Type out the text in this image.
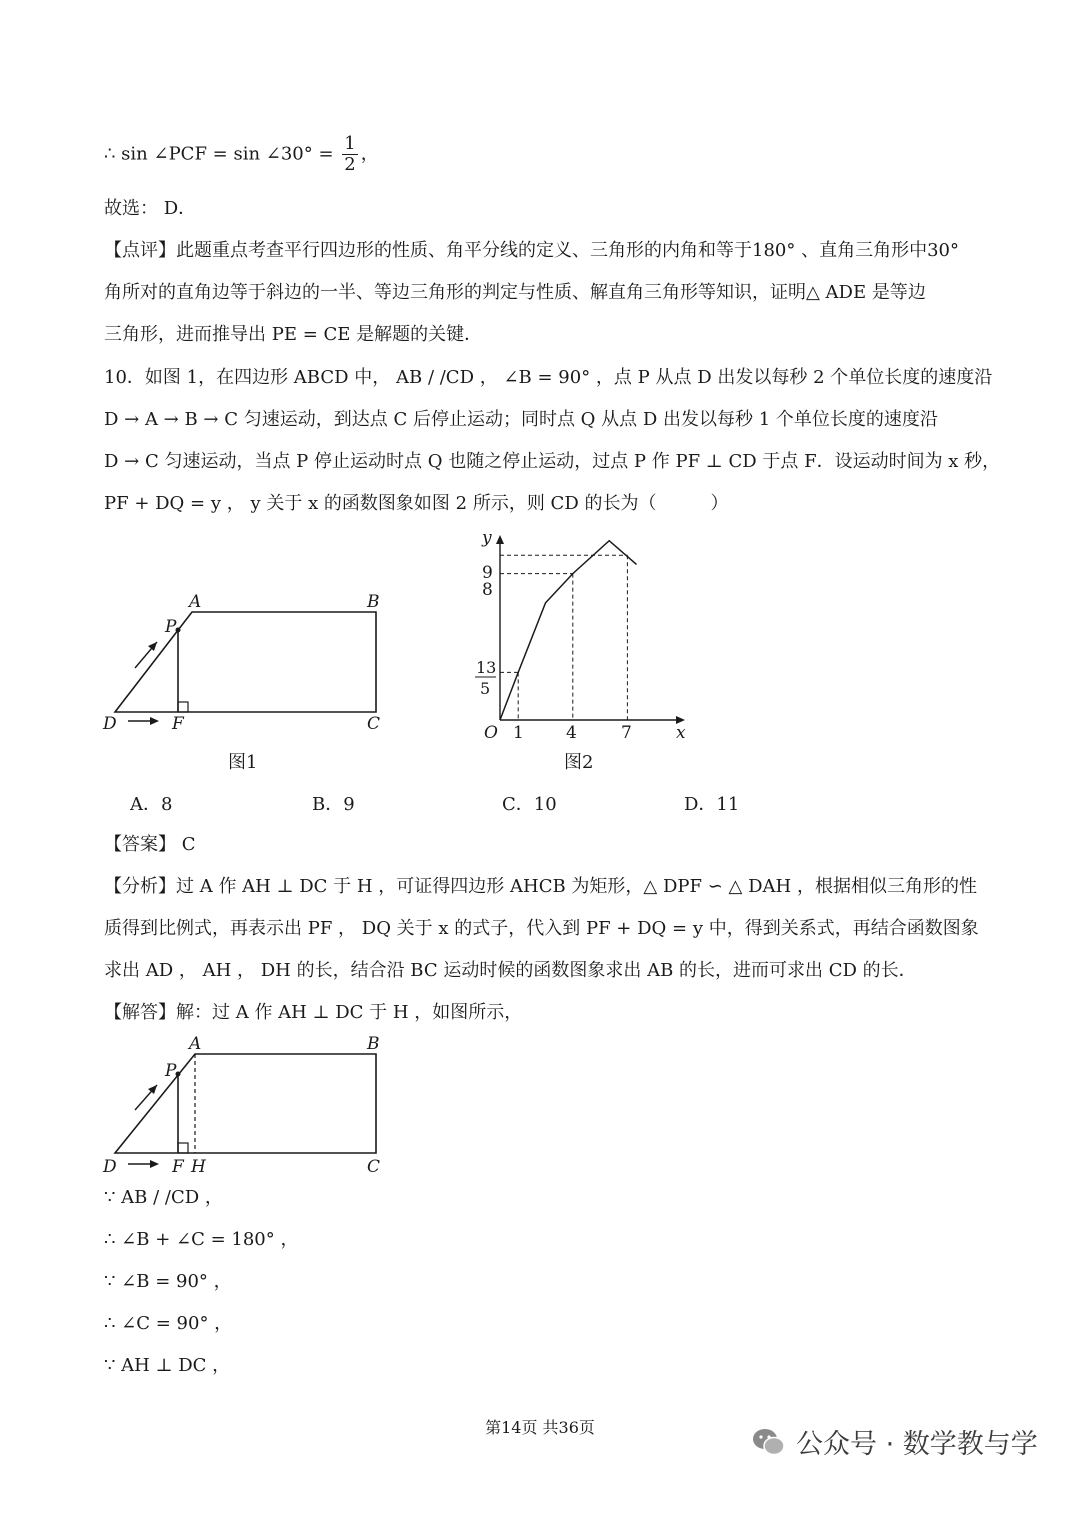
∴ sin ∠PCF = sin ∠30° = $\frac{1}{2}$ ，
故选： D．
【点评】此题重点考查平行四边形的性质、角平分线的定义、三角形的内角和等于180° 、直角三角形中30°
角所对的直角边等于斜边的一半、等边三角形的判定与性质、解直角三角形等知识，证明△ ADE 是等边
三角形，进而推导出 PE = CE 是解题的关键．
10．如图 1，在四边形 ABCD 中， AB / /CD ， ∠B = 90° ，点 P 从点 D 出发以每秒 2 个单位长度的速度沿
D → A → B → C 匀速运动，到达点 C 后停止运动；同时点 Q 从点 D 出发以每秒 1 个单位长度的速度沿
D → C 匀速运动，当点 P 停止运动时点 Q 也随之停止运动，过点 P 作 PF ⊥ CD 于点 F．设运动时间为 x 秒，
PF + DQ = y ， y 关于 x 的函数图象如图 2 所示，则 CD 的长为（　　　）
A	B
P
D	F	C
图1
y
x
O
9
8
13
5
1 4	7
图2
A．8	B．9	C．10	D．11
【答案】 C
【分析】过 A 作 AH ⊥ DC 于 H ，可证得四边形 AHCB 为矩形，△ DPF ∽ △ DAH ，根据相似三角形的性
质得到比例式，再表示出 PF ， DQ 关于 x 的式子，代入到 PF + DQ = y 中，得到关系式，再结合函数图象
求出 AD ， AH ， DH 的长，结合沿 BC 运动时候的函数图象求出 AB 的长，进而可求出 CD 的长．
【解答】解：过 A 作 AH ⊥ DC 于 H ，如图所示，
A	B
P
D	F H	C
∵ AB / /CD ，
∴ ∠B + ∠C = 180° ，
∵ ∠B = 90° ，
∴ ∠C = 90° ，
∵ AH ⊥ DC ，
第14页 共36页
公众号 · 数学教与学
